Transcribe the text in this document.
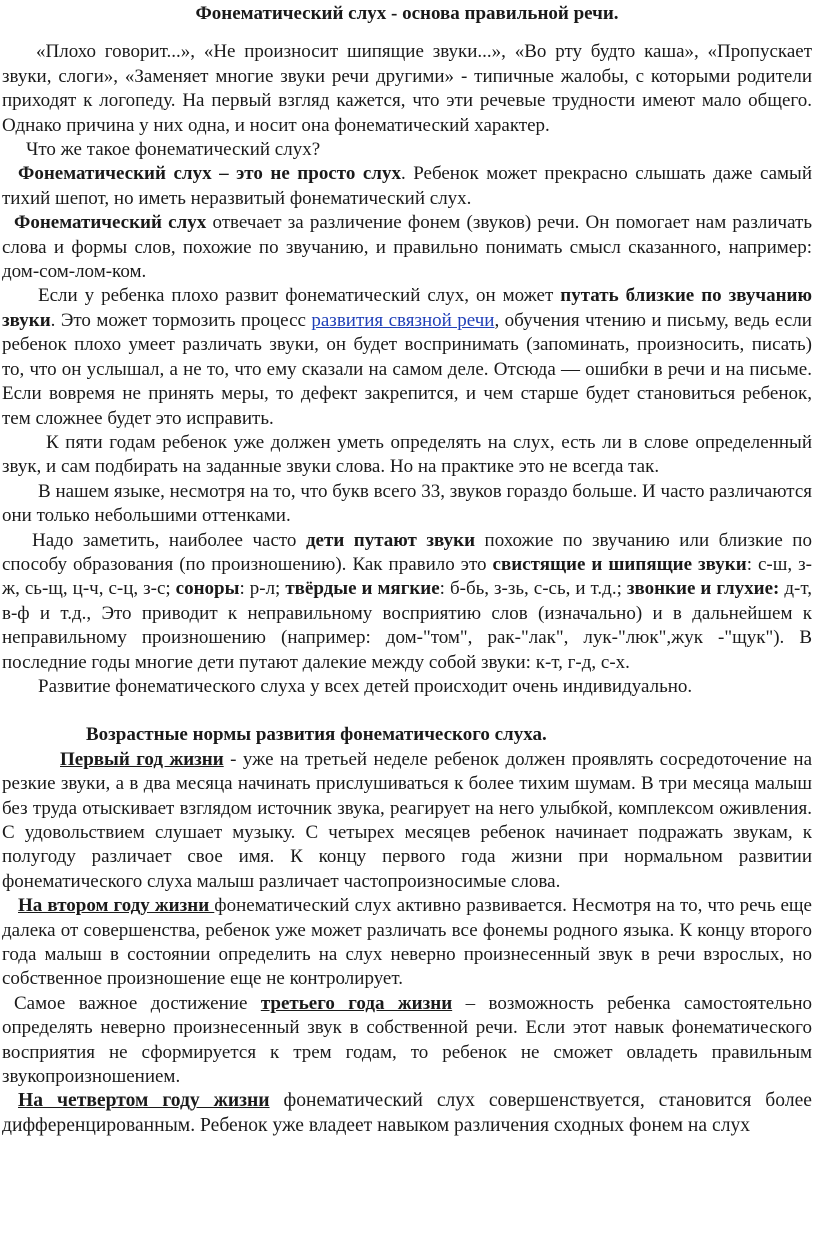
Фонематический слух - основа правильной речи.

«Плохо говорит...», «Не произносит шипящие звуки...», «Во рту будто каша», «Пропускает звуки, слоги», «Заменяет многие звуки речи другими» - типичные жалобы, с которыми родители приходят к логопеду. На первый взгляд кажется, что эти речевые трудности имеют мало общего. Однако причина у них одна, и носит она фонематический характер.

Что же такое фонематический слух?

Фонематический слух – это не просто слух. Ребенок может прекрасно слышать даже самый тихий шепот, но иметь неразвитый фонематический слух.

Фонематический слух отвечает за различение фонем (звуков) речи. Он помогает нам различать слова и формы слов, похожие по звучанию, и правильно понимать смысл сказанного, например: дом-сом-лом-ком.

Если у ребенка плохо развит фонематический слух, он может путать близкие по звучанию звуки. Это может тормозить процесс развития связной речи, обучения чтению и письму, ведь если ребенок плохо умеет различать звуки, он будет воспринимать (запоминать, произносить, писать) то, что он услышал, а не то, что ему сказали на самом деле. Отсюда — ошибки в речи и на письме. Если вовремя не принять меры, то дефект закрепится, и чем старше будет становиться ребенок, тем сложнее будет это исправить.

К пяти годам ребенок уже должен уметь определять на слух, есть ли в слове определенный звук, и сам подбирать на заданные звуки слова. Но на практике это не всегда так.

В нашем языке, несмотря на то, что букв всего 33, звуков гораздо больше. И часто различаются они только небольшими оттенками.

Надо заметить, наиболее часто дети путают звуки похожие по звучанию или близкие по способу образования (по произношению). Как правило это свистящие и шипящие звуки: с-ш, з-ж, сь-щ, ц-ч, с-ц, з-с; соноры: р-л; твёрдые и мягкие: б-бь, з-зь, с-сь, и т.д.; звонкие и глухие: д-т, в-ф и т.д., Это приводит к неправильному восприятию слов (изначально) и в дальнейшем к неправильному произношению (например: дом-"том", рак-"лак", лук-"люк",жук -"щук"). В последние годы многие дети путают далекие между собой звуки: к-т, г-д, с-х.

Развитие фонематического слуха у всех детей происходит очень индивидуально.

Возрастные нормы развития фонематического слуха.

Первый год жизни - уже на третьей неделе ребенок должен проявлять сосредоточение на резкие звуки, а в два месяца начинать прислушиваться к более тихим шумам. В три месяца малыш без труда отыскивает взглядом источник звука, реагирует на него улыбкой, комплексом оживления. С удовольствием слушает музыку. С четырех месяцев ребенок начинает подражать звукам, к полугоду различает свое имя. К концу первого года жизни при нормальном развитии фонематического слуха малыш различает частопроизносимые слова.

На втором году жизни фонематический слух активно развивается. Несмотря на то, что речь еще далека от совершенства, ребенок уже может различать все фонемы родного языка. К концу второго года малыш в состоянии определить на слух неверно произнесенный звук в речи взрослых, но собственное произношение еще не контролирует.

Самое важное достижение третьего года жизни – возможность ребенка самостоятельно определять неверно произнесенный звук в собственной речи. Если этот навык фонематического восприятия не сформируется к трем годам, то ребенок не сможет овладеть правильным звукопроизношением.

На четвертом году жизни фонематический слух совершенствуется, становится более дифференцированным. Ребенок уже владеет навыком различения сходных фонем на слух
